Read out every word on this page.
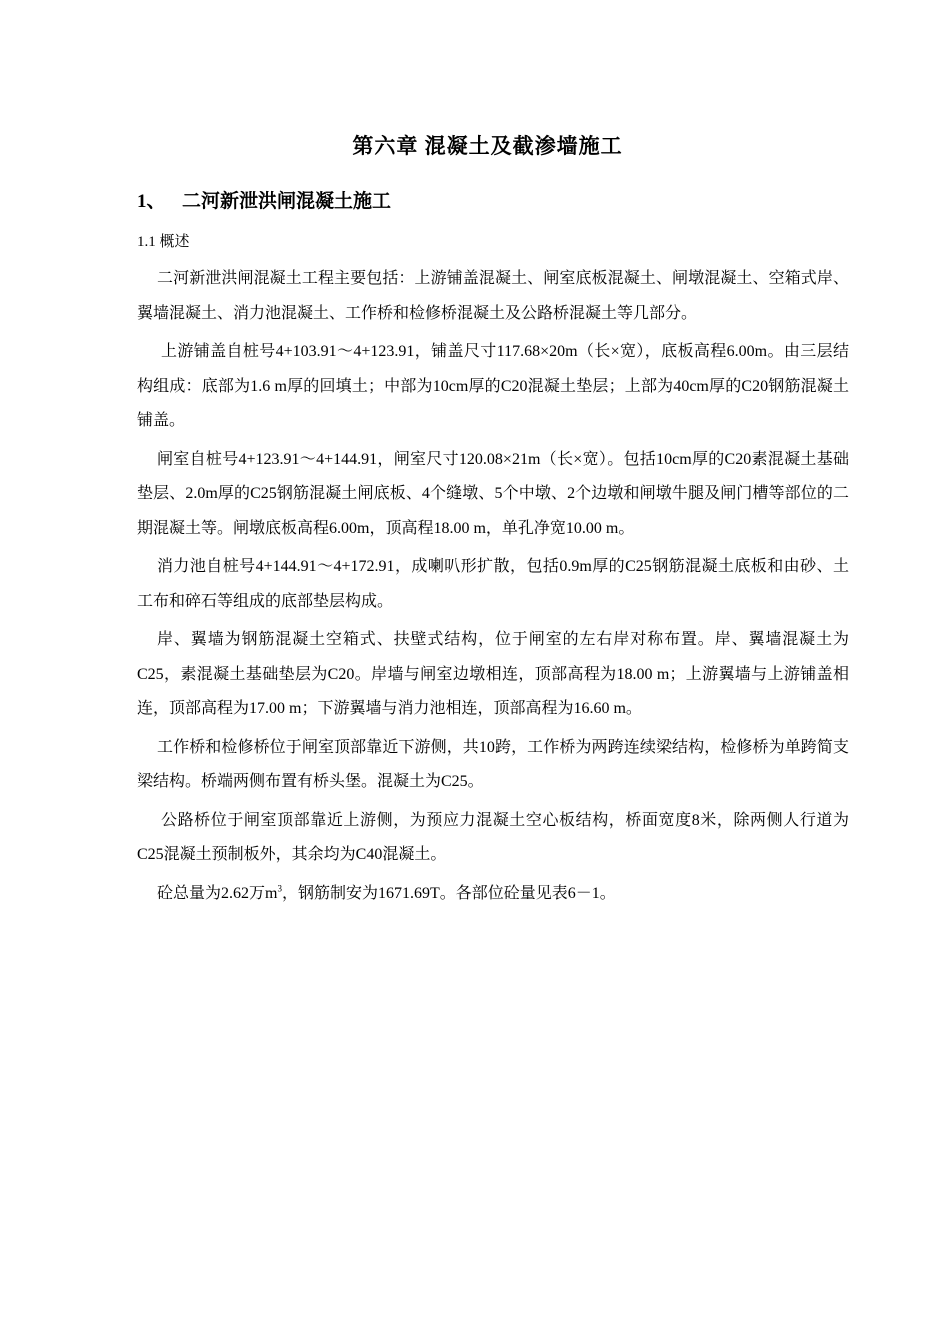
第六章 混凝土及截渗墙施工
1、 二河新泄洪闸混凝土施工
1.1 概述

二河新泄洪闸混凝土工程主要包括：上游铺盖混凝土、闸室底板混凝土、闸墩混凝土、空箱式岸、翼墙混凝土、消力池混凝土、工作桥和检修桥混凝土及公路桥混凝土等几部分。

上游铺盖自桩号4+103.91～4+123.91，铺盖尺寸117.68×20m（长×宽），底板高程6.00m。由三层结构组成：底部为1.6 m厚的回填土；中部为10cm厚的C20混凝土垫层；上部为40cm厚的C20钢筋混凝土铺盖。

闸室自桩号4+123.91～4+144.91，闸室尺寸120.08×21m（长×宽）。包括10cm厚的C20素混凝土基础垫层、2.0m厚的C25钢筋混凝土闸底板、4个缝墩、5个中墩、2个边墩和闸墩牛腿及闸门槽等部位的二期混凝土等。闸墩底板高程6.00m，顶高程18.00 m，单孔净宽10.00 m。

消力池自桩号4+144.91～4+172.91，成喇叭形扩散，包括0.9m厚的C25钢筋混凝土底板和由砂、土工布和碎石等组成的底部垫层构成。

岸、翼墙为钢筋混凝土空箱式、扶壁式结构，位于闸室的左右岸对称布置。岸、翼墙混凝土为C25，素混凝土基础垫层为C20。岸墙与闸室边墩相连，顶部高程为18.00 m；上游翼墙与上游铺盖相连，顶部高程为17.00 m；下游翼墙与消力池相连，顶部高程为16.60 m。

工作桥和检修桥位于闸室顶部靠近下游侧，共10跨，工作桥为两跨连续梁结构，检修桥为单跨简支梁结构。桥端两侧布置有桥头堡。混凝土为C25。

公路桥位于闸室顶部靠近上游侧，为预应力混凝土空心板结构，桥面宽度8米，除两侧人行道为C25混凝土预制板外，其余均为C40混凝土。

砼总量为2.62万$m^3$，钢筋制安为1671.69T。各部位砼量见表6－1。
